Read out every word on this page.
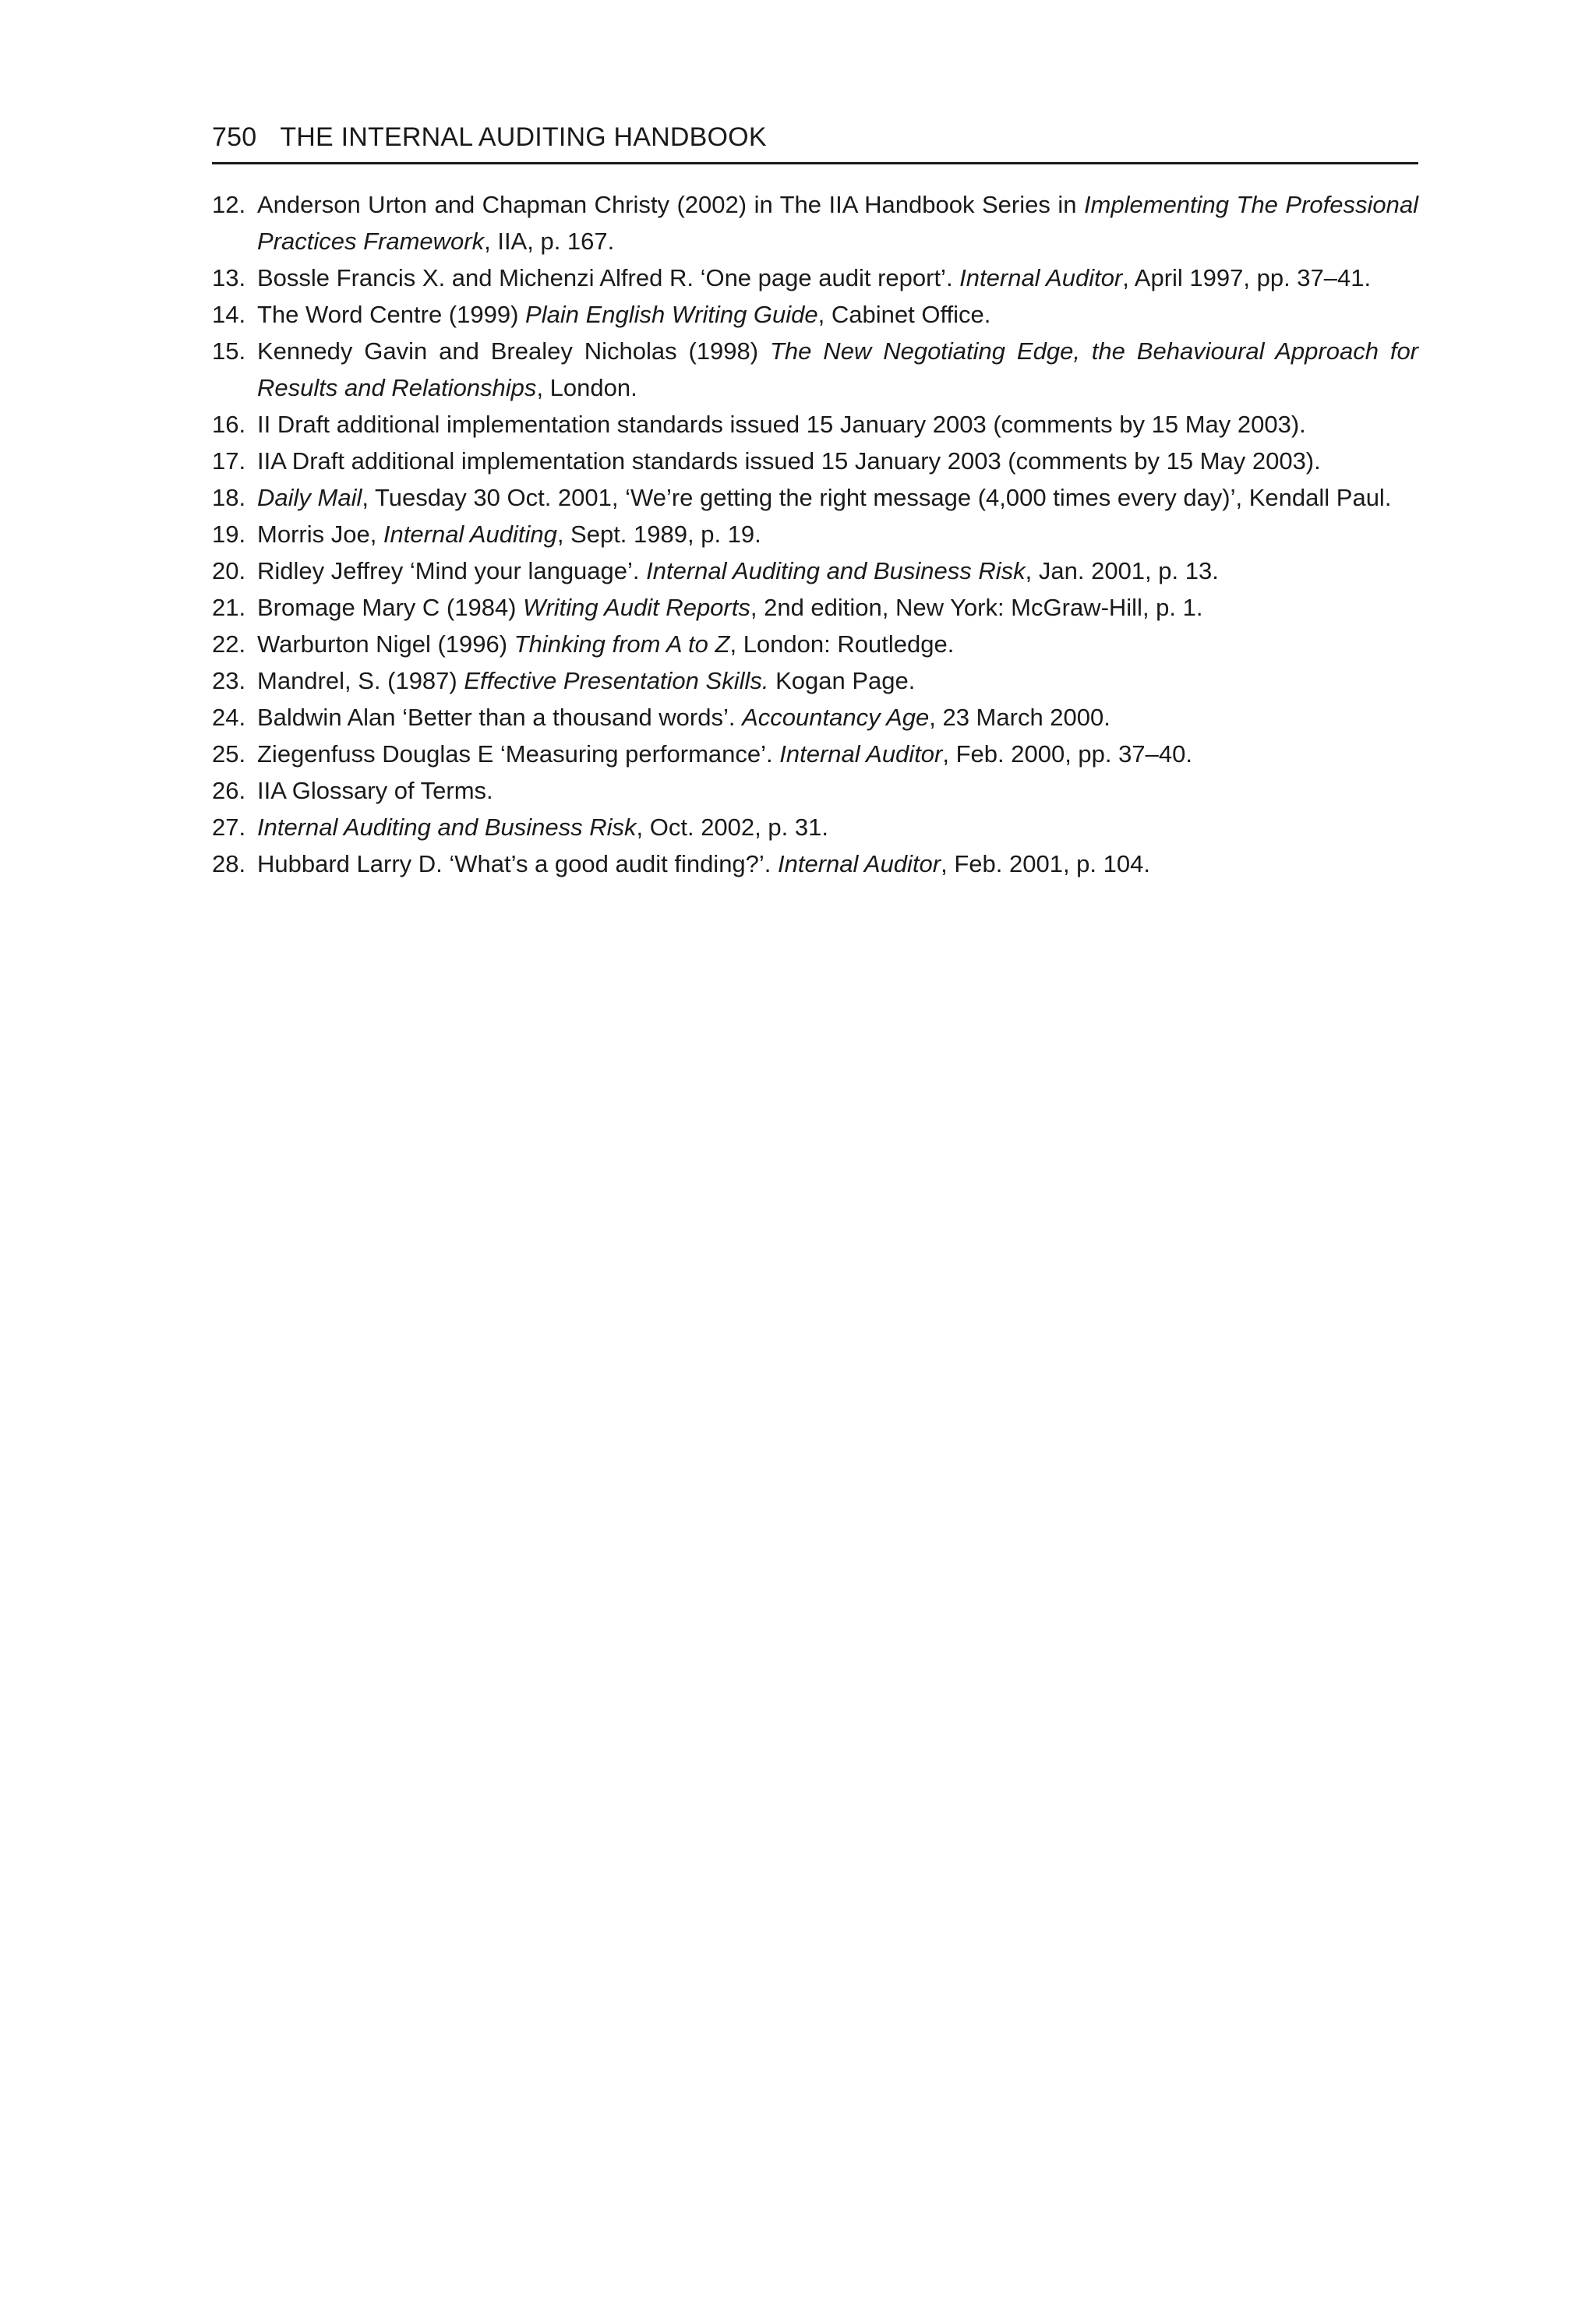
750 THE INTERNAL AUDITING HANDBOOK
12. Anderson Urton and Chapman Christy (2002) in The IIA Handbook Series in Implementing The Professional Practices Framework, IIA, p. 167.
13. Bossle Francis X. and Michenzi Alfred R. ‘One page audit report’. Internal Auditor, April 1997, pp. 37–41.
14. The Word Centre (1999) Plain English Writing Guide, Cabinet Office.
15. Kennedy Gavin and Brealey Nicholas (1998) The New Negotiating Edge, the Behavioural Approach for Results and Relationships, London.
16. II Draft additional implementation standards issued 15 January 2003 (comments by 15 May 2003).
17. IIA Draft additional implementation standards issued 15 January 2003 (comments by 15 May 2003).
18. Daily Mail, Tuesday 30 Oct. 2001, ‘We’re getting the right message (4,000 times every day)’, Kendall Paul.
19. Morris Joe, Internal Auditing, Sept. 1989, p. 19.
20. Ridley Jeffrey ‘Mind your language’. Internal Auditing and Business Risk, Jan. 2001, p. 13.
21. Bromage Mary C (1984) Writing Audit Reports, 2nd edition, New York: McGraw-Hill, p. 1.
22. Warburton Nigel (1996) Thinking from A to Z, London: Routledge.
23. Mandrel, S. (1987) Effective Presentation Skills. Kogan Page.
24. Baldwin Alan ‘Better than a thousand words’. Accountancy Age, 23 March 2000.
25. Ziegenfuss Douglas E ‘Measuring performance’. Internal Auditor, Feb. 2000, pp. 37–40.
26. IIA Glossary of Terms.
27. Internal Auditing and Business Risk, Oct. 2002, p. 31.
28. Hubbard Larry D. ‘What’s a good audit finding?’. Internal Auditor, Feb. 2001, p. 104.
